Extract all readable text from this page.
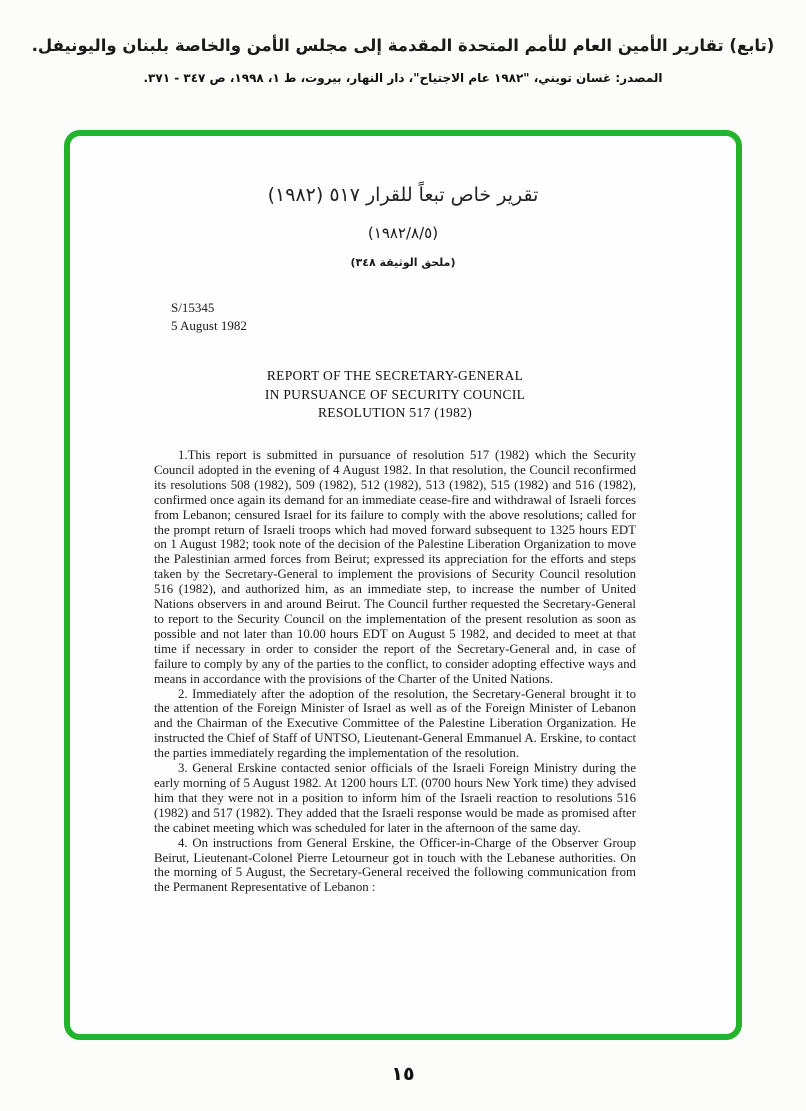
(تابع) تقارير الأمين العام للأمم المتحدة المقدمة إلى مجلس الأمن والخاصة بلبنان واليونيفل.
المصدر: غسان تويني، "١٩٨٢ عام الاجتياح"، دار النهار، بيروت، ط ١، ١٩٩٨، ص ٣٤٧ - ٣٧١.
تقرير خاص تبعاً للقرار ٥١٧ (١٩٨٢)
(١٩٨٢/٨/٥)
(ملحق الوثيقة ٣٤٨)
S/15345
5 August 1982
REPORT OF THE SECRETARY-GENERAL
IN PURSUANCE OF SECURITY COUNCIL
RESOLUTION 517 (1982)

1.This report is submitted in pursuance of resolution 517 (1982) which the Security Council adopted in the evening of 4 August 1982. In that resolution, the Council reconfirmed its resolutions 508 (1982), 509 (1982), 512 (1982), 513 (1982), 515 (1982) and 516 (1982), confirmed once again its demand for an immediate cease-fire and withdrawal of Israeli forces from Lebanon; censured Israel for its failure to comply with the above resolutions; called for the prompt return of Israeli troops which had moved forward subsequent to 1325 hours EDT on 1 August 1982; took note of the decision of the Palestine Liberation Organization to move the Palestinian armed forces from Beirut; expressed its appreciation for the efforts and steps taken by the Secretary-General to implement the provisions of Security Council resolution 516 (1982), and authorized him, as an immediate step, to increase the number of United Nations observers in and around Beirut. The Council further requested the Secretary-General to report to the Security Council on the implementation of the present resolution as soon as possible and not later than 10.00 hours EDT on August 5 1982, and decided to meet at that time if necessary in order to consider the report of the Secretary-General and, in case of failure to comply by any of the parties to the conflict, to consider adopting effective ways and means in accordance with the provisions of the Charter of the United Nations.

2. Immediately after the adoption of the resolution, the Secretary-General brought it to the attention of the Foreign Minister of Israel as well as of the Foreign Minister of Lebanon and the Chairman of the Executive Committee of the Palestine Liberation Organization. He instructed the Chief of Staff of UNTSO, Lieutenant-General Emmanuel A. Erskine, to contact the parties immediately regarding the implementation of the resolution.

3. General Erskine contacted senior officials of the Israeli Foreign Ministry during the early morning of 5 August 1982. At 1200 hours LT. (0700 hours New York time) they advised him that they were not in a position to inform him of the Israeli reaction to resolutions 516 (1982) and 517 (1982). They added that the Israeli response would be made as promised after the cabinet meeting which was scheduled for later in the afternoon of the same day.

4. On instructions from General Erskine, the Officer-in-Charge of the Observer Group Beirut, Lieutenant-Colonel Pierre Letourneur got in touch with the Lebanese authorities. On the morning of 5 August, the Secretary-General received the following communication from the Permanent Representative of Lebanon :

١٥
